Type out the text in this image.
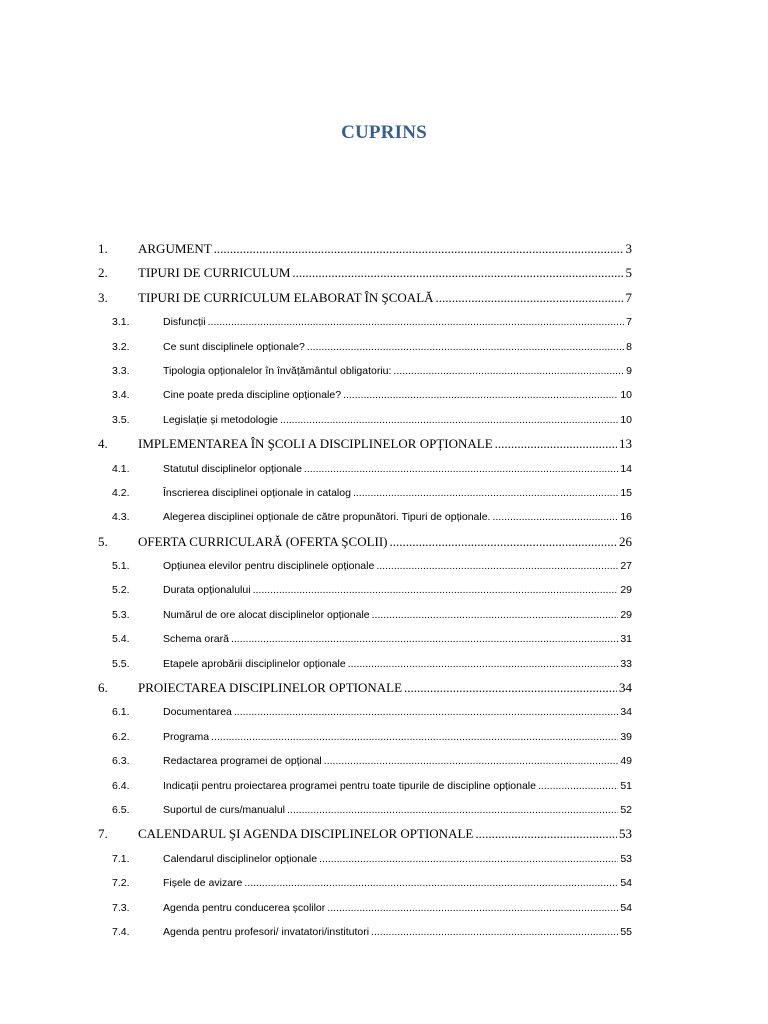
CUPRINS
1.	ARGUMENT .....	3
2.	TIPURI DE CURRICULUM .....	5
3.	TIPURI DE CURRICULUM ELABORAT ÎN ŞCOALĂ .....	7
3.1.	Disfuncții .....	7
3.2.	Ce sunt disciplinele opționale? .....	8
3.3.	Tipologia opționalelor în învățământul obligatoriu: .....	9
3.4.	Cine poate preda discipline opționale? .....	10
3.5.	Legislație și metodologie .....	10
4.	IMPLEMENTAREA ÎN ŞCOLI A DISCIPLINELOR OPȚIONALE .....	13
4.1.	Statutul disciplinelor opționale .....	14
4.2.	Înscrierea disciplinei opționale in catalog .....	15
4.3.	Alegerea disciplinei opționale de către propunători. Tipuri de opționale. .....	16
5.	OFERTA CURRICULARĂ (OFERTA ŞCOLII) .....	26
5.1.	Opțiunea elevilor pentru disciplinele opționale .....	27
5.2.	Durata opționalului .....	29
5.3.	Numărul de ore alocat disciplinelor opționale .....	29
5.4.	Schema orară .....	31
5.5.	Etapele aprobării disciplinelor opționale .....	33
6.	PROIECTAREA DISCIPLINELOR OPTIONALE .....	34
6.1.	Documentarea .....	34
6.2.	Programa .....	39
6.3.	Redactarea programei de opțional .....	49
6.4.	Indicații pentru proiectarea programei pentru toate tipurile de discipline opționale .....	51
6.5.	Suportul de curs/manualul .....	52
7.	CALENDARUL ŞI AGENDA DISCIPLINELOR OPTIONALE .....	53
7.1.	Calendarul disciplinelor opționale .....	53
7.2.	Fișele de avizare .....	54
7.3.	Agenda pentru conducerea școlilor .....	54
7.4.	Agenda pentru profesori/ invatatori/institutori .....	55
